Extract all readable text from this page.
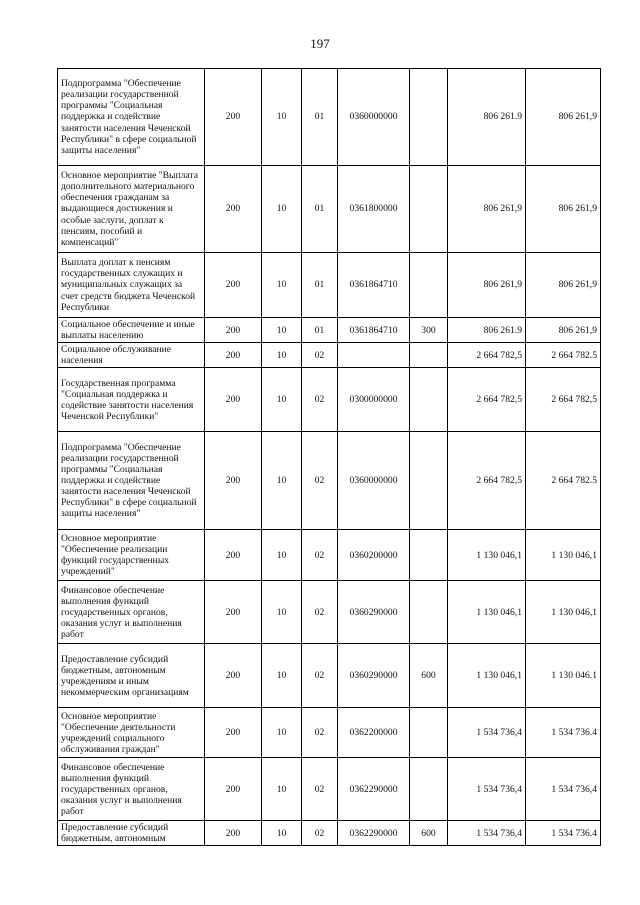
197
Подпрограмма "Обеспечение реализации государственной программы "Социальная поддержка и содействие занятости населения Чеченской Республики" в сфере социальной защиты населения"	200	10	01	0360000000		806 261.9	806 261,9
Основное мероприятие "Выплата дополнительного материального обеспечения гражданам за выдающиеся достижения и особые заслуги, доплат к пенсиям, пособий и компенсаций"	200	10	01	0361800000		806 261,9	806 261,9
Выплата доплат к пенсиям государственных служащих и муниципальных служащих за счет средств бюджета Чеченской Республики	200	10	01	0361864710		806 261,9	806 261,9
Социальное обеспечение и иные выплаты населению	200	10	01	0361864710	300	806 261.9	806 261,9
Социальное обслуживание населения	200	10	02			2 664 782,5	2 664 782.5
Государственная программа "Социальная поддержка и содействие занятости населения Чеченской Республики"	200	10	02	0300000000		2 664 782,5	2 664 782,5
Подпрограмма "Обеспечение реализации государственной программы "Социальная поддержка и содействие занятости населения Чеченской Республики" в сфере социальной защиты населения"	200	10	02	0360000000		2 664 782,5	2 664 782.5
Основное мероприятие "Обеспечение реализации функций государственных учреждений"	200	10	02	0360200000		1 130 046,1	1 130 046,1
Финансовое обеспечение выполнения функций государственных органов, оказания услуг и выполнения работ	200	10	02	0360290000		1 130 046,1	1 130 046,1
Предоставление субсидий бюджетным, автономным учреждениям и иным некоммерческим организациям	200	10	02	0360290000	600	1 130 046,1	1 130 046.1
Основное мероприятие "Обеспечение деятельности учреждений социального обслуживания граждан"	200	10	02	0362200000		1 534 736,4	1 534 736.4
Финансовое обеспечение выполнения функций государственных органов, оказания услуг и выполнения работ	200	10	02	0362290000		1 534 736,4	1 534 736,4
Предоставление субсидий бюджетным, автономным	200	10	02	0362290000	600	1 534 736,4	1 534 736.4
